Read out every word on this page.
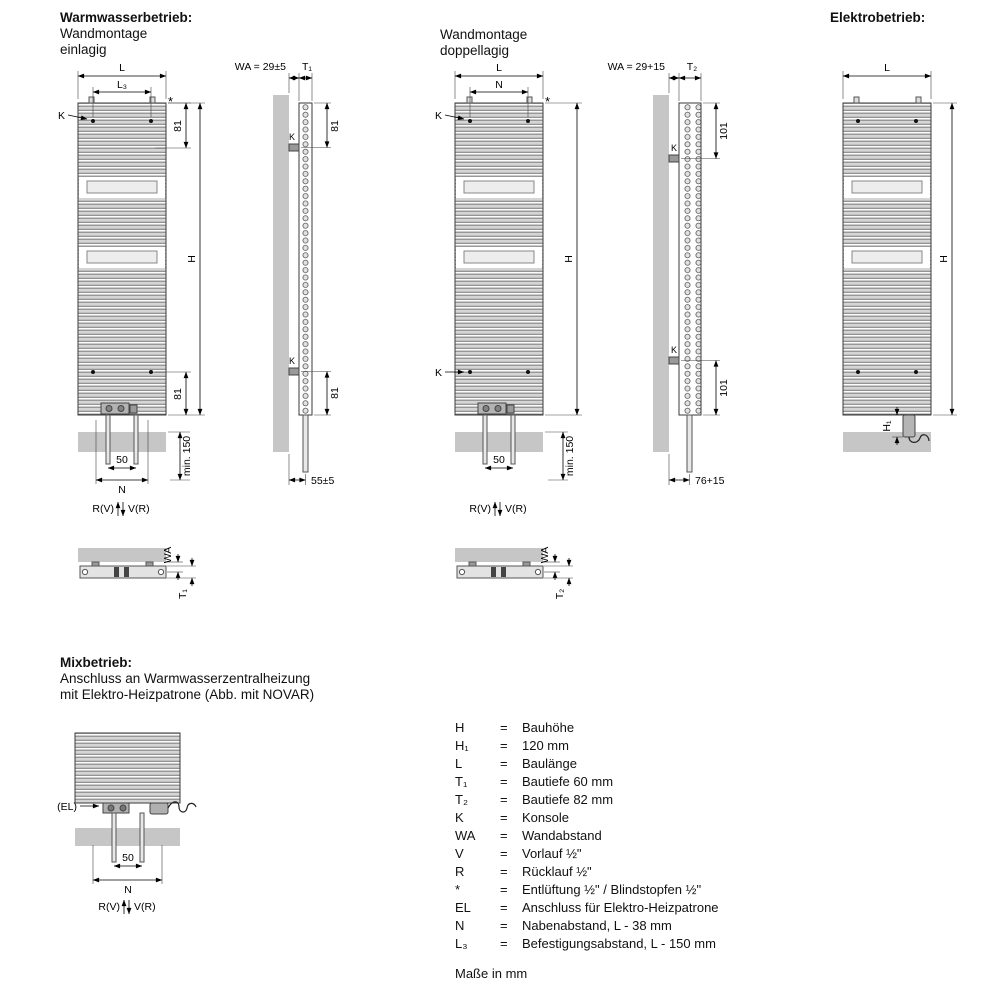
Warmwasserbetrieb:
Wandmontage
einlagig
Wandmontage
doppellagig
Elektrobetrieb:
Mixbetrieb:
Anschluss an Warmwasserzentralheizung
mit Elektro-Heizpatrone (Abb. mit NOVAR)
L
L₃
K
*
81
H
81
min. 150
50
N
R(V) V(R)
WA
T₁
K
K
WA = 29±5 T₁
81
81
55±5
L
N
K
K
*
H
min. 150
50
R(V) V(R)
WA
T₂
K
K
WA = 29+15 T₂
101
101
76+15
L
H
H₁
(EL)
50
N
R(V) V(R)
H	=	Bauhöhe
H₁	=	120 mm
L	=	Baulänge
T₁	=	Bautiefe 60 mm
T₂	=	Bautiefe 82 mm
K	=	Konsole
WA	=	Wandabstand
V	=	Vorlauf ½"
R	=	Rücklauf ½"
*	=	Entlüftung ½" / Blindstopfen ½"
EL	=	Anschluss für Elektro-Heizpatrone
N	=	Nabenabstand, L - 38 mm
L₃	=	Befestigungsabstand, L - 150 mm
Maße in mm
